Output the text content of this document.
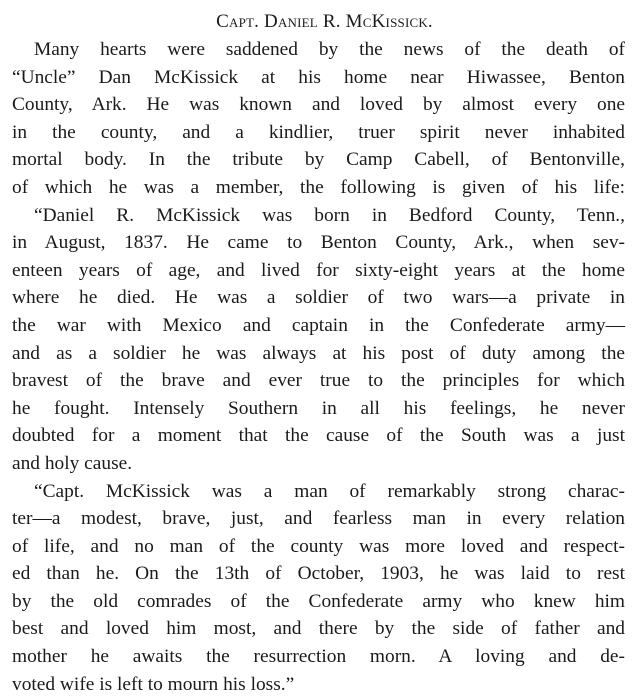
Capt. Daniel R. McKissick.
Many hearts were saddened by the news of the death of
“Uncle” Dan McKissick at his home near Hiwassee, Benton
County, Ark. He was known and loved by almost every one
in the county, and a kindlier, truer spirit never inhabited
mortal body. In the tribute by Camp Cabell, of Bentonville,
of which he was a member, the following is given of his life:
“Daniel R. McKissick was born in Bedford County, Tenn.,
in August, 1837. He came to Benton County, Ark., when sev-
enteen years of age, and lived for sixty-eight years at the home
where he died. He was a soldier of two wars—a private in
the war with Mexico and captain in the Confederate army—
and as a soldier he was always at his post of duty among the
bravest of the brave and ever true to the principles for which
he fought. Intensely Southern in all his feelings, he never
doubted for a moment that the cause of the South was a just
and holy cause.
“Capt. McKissick was a man of remarkably strong charac-
ter—a modest, brave, just, and fearless man in every relation
of life, and no man of the county was more loved and respect-
ed than he. On the 13th of October, 1903, he was laid to rest
by the old comrades of the Confederate army who knew him
best and loved him most, and there by the side of father and
mother he awaits the resurrection morn. A loving and de-
voted wife is left to mourn his loss.”
